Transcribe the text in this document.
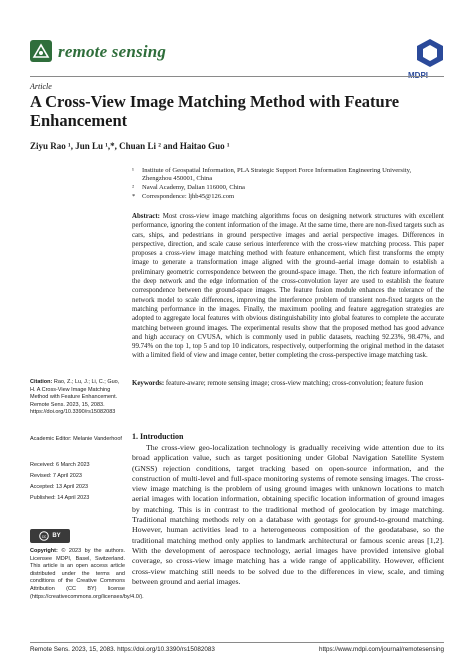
remote sensing
Article
A Cross-View Image Matching Method with Feature Enhancement
Ziyu Rao ¹, Jun Lu ¹,*, Chuan Li ² and Haitao Guo ¹
¹ Institute of Geospatial Information, PLA Strategic Support Force Information Engineering University,
Zhengzhou 450001, China
²	Naval Academy, Dalian 116000, China
*	Correspondence: ljhb45@126.com
Abstract: Most cross-view image matching algorithms focus on designing network structures with excellent performance, ignoring the content information of the image. At the same time, there are non-fixed targets such as cars, ships, and pedestrians in ground perspective images and aerial perspective images. Differences in perspective, direction, and scale cause serious interference with the cross-view matching process. This paper proposes a cross-view image matching method with feature enhancement, which first transforms the empty image to generate a transformation image aligned with the ground–aerial image domain to establish a preliminary geometric correspondence between the ground-space image. Then, the rich feature information of the deep network and the edge information of the cross-convolution layer are used to establish the feature correspondence between the ground-space images. The feature fusion module enhances the tolerance of the network model to scale differences, improving the interference problem of transient non-fixed targets on the matching performance in the images. Finally, the maximum pooling and feature aggregation strategies are adopted to aggregate local features with obvious distinguishability into global features to complete the accurate matching between ground images. The experimental results show that the proposed method has good advance and high accuracy on CVUSA, which is commonly used in public datasets, reaching 92.23%, 98.47%, and 99.74% on the top 1, top 5 and top 10 indicators, respectively, outperforming the original method in the dataset with a limited field of view and image center, better completing the cross-perspective image matching task.
Keywords: feature-aware; remote sensing image; cross-view matching; cross-convolution; feature fusion
Citation: Rao, Z.; Lu, J.; Li, C.; Guo, H. A Cross-View Image Matching Method with Feature Enhancement. Remote Sens. 2023, 15, 2083. https://doi.org/10.3390/rs15082083
Academic Editor: Melanie Vanderhoof
Received: 6 March 2023
Revised: 7 April 2023
Accepted: 13 April 2023
Published: 14 April 2023
cc BY
Copyright: © 2023 by the authors. Licensee MDPI, Basel, Switzerland. This article is an open access article distributed under the terms and conditions of the Creative Commons Attribution (CC BY) license (https://creativecommons.org/licenses/by/4.0/).
1. Introduction
The cross-view geo-localization technology is gradually receiving wide attention due to its broad application value, such as target positioning under Global Navigation Satellite System (GNSS) rejection conditions, target tracking based on open-source information, and the construction of multi-level and full-space monitoring systems of remote sensing images. The cross-view image matching is the problem of using ground images with unknown locations to match aerial images with location information, obtaining specific location information of ground images by matching. This is in contrast to the traditional method of geolocation by image matching. Traditional matching methods rely on a database with geotags for ground-to-ground matching. However, human activities lead to a heterogeneous composition of the geodatabase, so the traditional matching method only applies to landmark architectural or famous scenic areas [1,2]. With the development of aerospace technology, aerial images have provided intensive global coverage, so cross-view image matching has a wide range of applicability. However, efficient cross-view matching still needs to be solved due to the differences in view, scale, and timing between ground and aerial images.
Remote Sens. 2023, 15, 2083. https://doi.org/10.3390/rs15082083	https://www.mdpi.com/journal/remotesensing
